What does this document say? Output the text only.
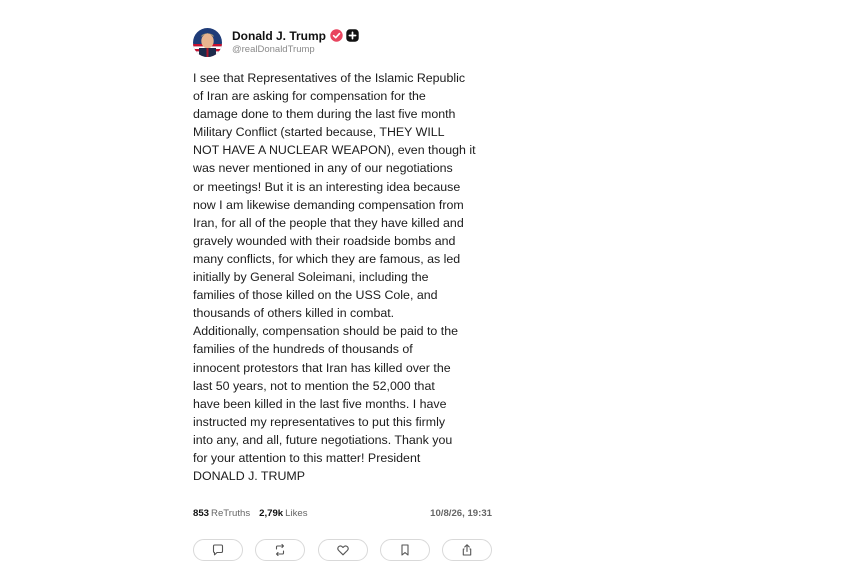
Donald J. Trump
@realDonaldTrump
I see that Representatives of the Islamic Republic
of Iran are asking for compensation for the
damage done to them during the last five month
Military Conflict (started because, THEY WILL
NOT HAVE A NUCLEAR WEAPON), even though it
was never mentioned in any of our negotiations
or meetings! But it is an interesting idea because
now I am likewise demanding compensation from
Iran, for all of the people that they have killed and
gravely wounded with their roadside bombs and
many conflicts, for which they are famous, as led
initially by General Soleimani, including the
families of those killed on the USS Cole, and
thousands of others killed in combat.
Additionally, compensation should be paid to the
families of the hundreds of thousands of
innocent protestors that Iran has killed over the
last 50 years, not to mention the 52,000 that
have been killed in the last five months. I have
instructed my representatives to put this firmly
into any, and all, future negotiations. Thank you
for your attention to this matter! President
DONALD J. TRUMP
853 ReTruths 2,79k Likes	10/8/26, 19:31
